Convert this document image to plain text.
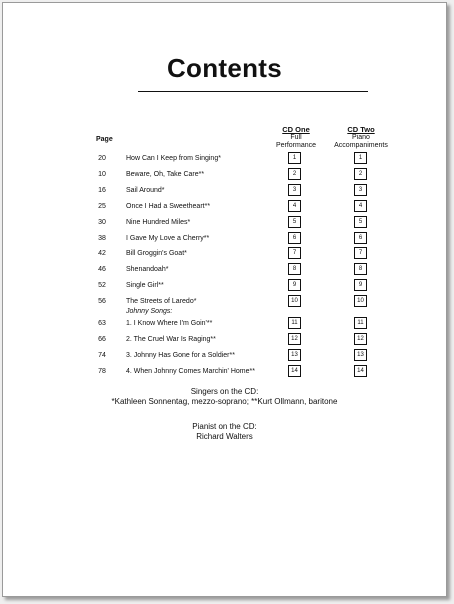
Contents
Page
CD One
Full
Performance
CD Two
Piano
Accompaniments
20	How Can I Keep from Singing*	1	1
10	Beware, Oh, Take Care**	2	2
16	Sail Around*	3	3
25	Once I Had a Sweetheart**	4	4
30	Nine Hundred Miles*	5	5
38	I Gave My Love a Cherry**	6	6
42	Bill Groggin's Goat*	7	7
46	Shenandoah*	8	8
52	Single Girl**	9	9
56	The Streets of Laredo*	10	10
Johnny Songs:
63	1. I Know Where I'm Goin'**	11	11
66	2. The Cruel War Is Raging**	12	12
74	3. Johnny Has Gone for a Soldier**	13	13
78	4. When Johnny Comes Marchin' Home**	14	14
Singers on the CD:
*Kathleen Sonnentag, mezzo-soprano; **Kurt Ollmann, baritone
Pianist on the CD:
Richard Walters
